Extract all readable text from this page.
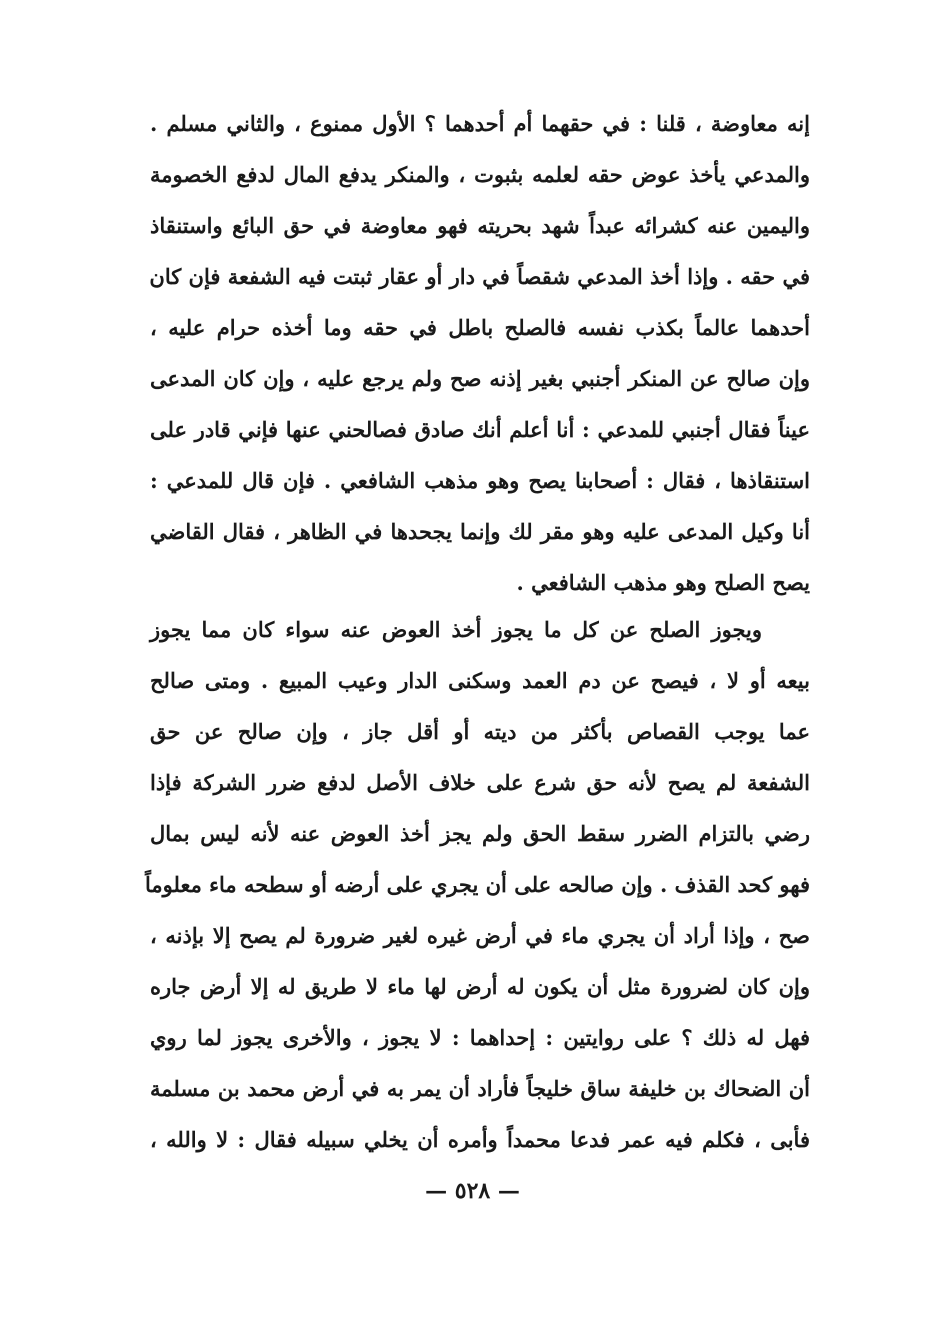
إنه معاوضة ، قلنا : في حقهما أم أحدهما ؟ الأول ممنوع ، والثاني مسلم .
والمدعي يأخذ عوض حقه لعلمه بثبوت ، والمنكر يدفع المال لدفع الخصومة
واليمين عنه كشرائه عبداً شهد بحريته فهو معاوضة في حق البائع واستنقاذ
في حقه . وإذا أخذ المدعي شقصاً في دار أو عقار ثبتت فيه الشفعة فإن كان
أحدهما عالماً بكذب نفسه فالصلح باطل في حقه وما أخذه حرام عليه ،
وإن صالح عن المنكر أجنبي بغير إذنه صح ولم يرجع عليه ، وإن كان المدعى
عيناً فقال أجنبي للمدعي : أنا أعلم أنك صادق فصالحني عنها فإني قادر على
استنقاذها ، فقال : أصحابنا يصح وهو مذهب الشافعي . فإن قال للمدعي :
أنا وكيل المدعى عليه وهو مقر لك وإنما يجحدها في الظاهر ، فقال القاضي
يصح الصلح وهو مذهب الشافعي .
ويجوز الصلح عن كل ما يجوز أخذ العوض عنه سواء كان مما يجوز
بيعه أو لا ، فيصح عن دم العمد وسكنى الدار وعيب المبيع . ومتى صالح
عما يوجب القصاص بأكثر من ديته أو أقل جاز ، وإن صالح عن حق
الشفعة لم يصح لأنه حق شرع على خلاف الأصل لدفع ضرر الشركة فإذا
رضي بالتزام الضرر سقط الحق ولم يجز أخذ العوض عنه لأنه ليس بمال
فهو كحد القذف . وإن صالحه على أن يجري على أرضه أو سطحه ماء معلوماً
صح ، وإذا أراد أن يجري ماء في أرض غيره لغير ضرورة لم يصح إلا بإذنه ،
وإن كان لضرورة مثل أن يكون له أرض لها ماء لا طريق له إلا أرض جاره
فهل له ذلك ؟ على روايتين : إحداهما : لا يجوز ، والأخرى يجوز لما روي
أن الضحاك بن خليفة ساق خليجاً فأراد أن يمر به في أرض محمد بن مسلمة
فأبى ، فكلم فيه عمر فدعا محمداً وأمره أن يخلي سبيله فقال : لا والله ،
— ٥٢٨ —
